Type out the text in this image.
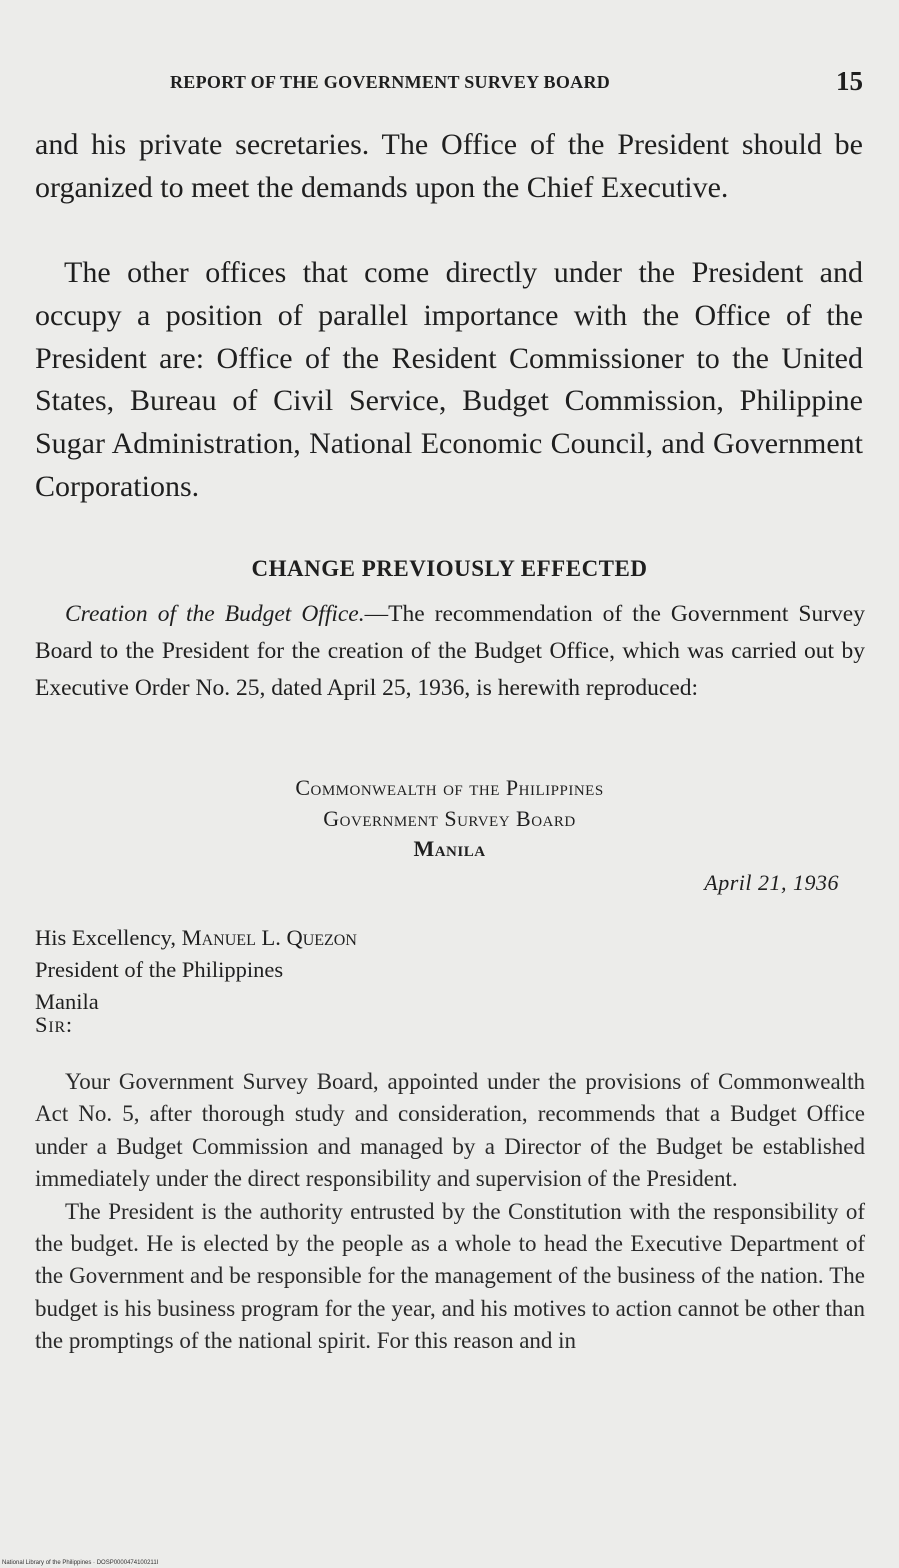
REPORT OF THE GOVERNMENT SURVEY BOARD	15

and his private secretaries. The Office of the President should be organized to meet the demands upon the Chief Executive.

The other offices that come directly under the President and occupy a position of parallel importance with the Office of the President are: Office of the Resident Commissioner to the United States, Bureau of Civil Service, Budget Commission, Philippine Sugar Administration, National Economic Council, and Government Corporations.

CHANGE PREVIOUSLY EFFECTED

Creation of the Budget Office.—The recommendation of the Government Survey Board to the President for the creation of the Budget Office, which was carried out by Executive Order No. 25, dated April 25, 1936, is herewith reproduced:

Commonwealth of the Philippines
Government Survey Board
Manila
April 21, 1936
His Excellency, Manuel L. Quezon
President of the Philippines
Manila
Sir:

Your Government Survey Board, appointed under the provisions of Commonwealth Act No. 5, after thorough study and consideration, recommends that a Budget Office under a Budget Commission and managed by a Director of the Budget be established immediately under the direct responsibility and supervision of the President.

The President is the authority entrusted by the Constitution with the responsibility of the budget. He is elected by the people as a whole to head the Executive Department of the Government and be responsible for the management of the business of the nation. The budget is his business program for the year, and his motives to action cannot be other than the promptings of the national spirit. For this reason and in

National Library of the Philippines · DOSP0000474100211I
